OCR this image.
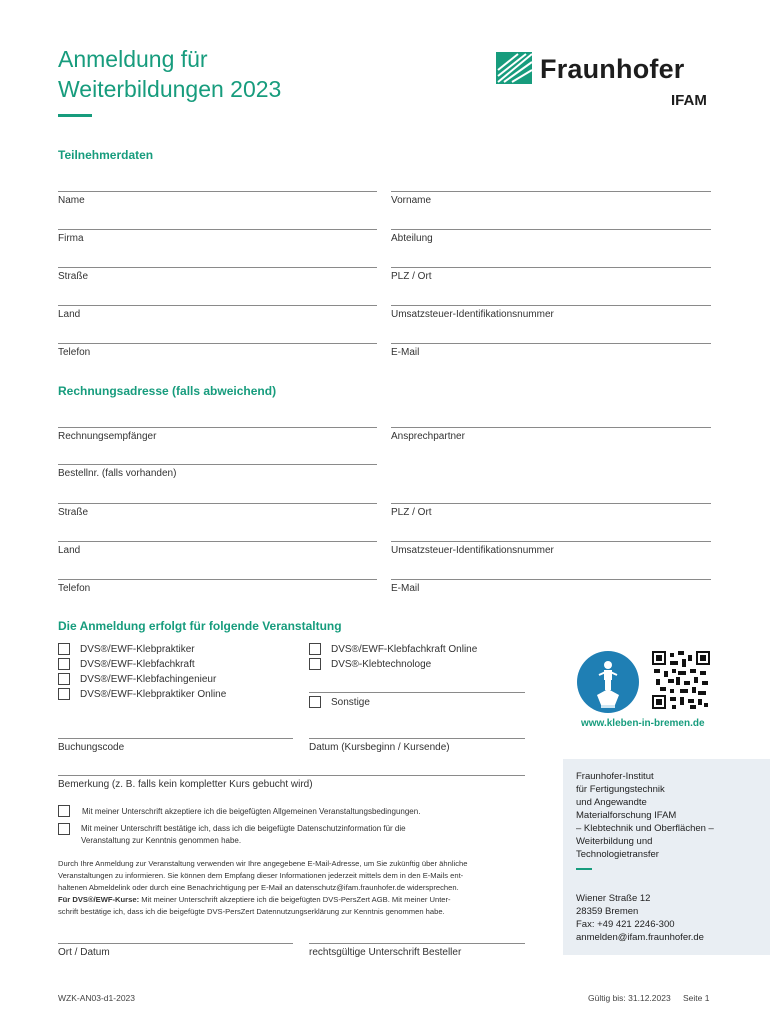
Anmeldung für
Weiterbildungen 2023
Fraunhofer
IFAM
Teilnehmerdaten
Name	Vorname
Firma	Abteilung
Straße	PLZ / Ort
Land	Umsatzsteuer-Identifikationsnummer
Telefon	E-Mail
Rechnungsadresse (falls abweichend)
Rechnungsempfänger	Ansprechpartner
Bestellnr. (falls vorhanden)
Straße	PLZ / Ort
Land	Umsatzsteuer-Identifikationsnummer
Telefon	E-Mail
Die Anmeldung erfolgt für folgende Veranstaltung
DVS®/EWF-Klebpraktiker
DVS®/EWF-Klebfachkraft
DVS®/EWF-Klebfachingenieur
DVS®/EWF-Klebpraktiker Online
DVS®/EWF-Klebfachkraft Online
DVS®-Klebtechnologe
Sonstige
www.kleben-in-bremen.de
Buchungscode	Datum (Kursbeginn / Kursende)
Bemerkung (z. B. falls kein kompletter Kurs gebucht wird)
Mit meiner Unterschrift akzeptiere ich die beigefügten Allgemeinen Veranstaltungsbedingungen.
Mit meiner Unterschrift bestätige ich, dass ich die beigefügte Datenschutzinformation für die
Veranstaltung zur Kenntnis genommen habe.
Durch Ihre Anmeldung zur Veranstaltung verwenden wir Ihre angegebene E-Mail-Adresse, um Sie zukünftig über ähnliche
Veranstaltungen zu informieren. Sie können dem Empfang dieser Informationen jederzeit mittels dem in den E-Mails ent-
haltenen Abmeldelink oder durch eine Benachrichtigung per E-Mail an datenschutz@ifam.fraunhofer.de widersprechen.
Für DVS®/EWF-Kurse: Mit meiner Unterschrift akzeptiere ich die beigefügten DVS-PersZert AGB. Mit meiner Unter-
schrift bestätige ich, dass ich die beigefügte DVS-PersZert Datennutzungserklärung zur Kenntnis genommen habe.
Ort / Datum	rechtsgültige Unterschrift Besteller
Fraunhofer-Institut
für Fertigungstechnik
und Angewandte
Materialforschung IFAM
– Klebtechnik und Oberflächen –
Weiterbildung und
Technologietransfer
Wiener Straße 12
28359 Bremen
Fax: +49 421 2246-300
anmelden@ifam.fraunhofer.de
WZK-AN03-d1-2023	Gültig bis: 31.12.2023 Seite 1
